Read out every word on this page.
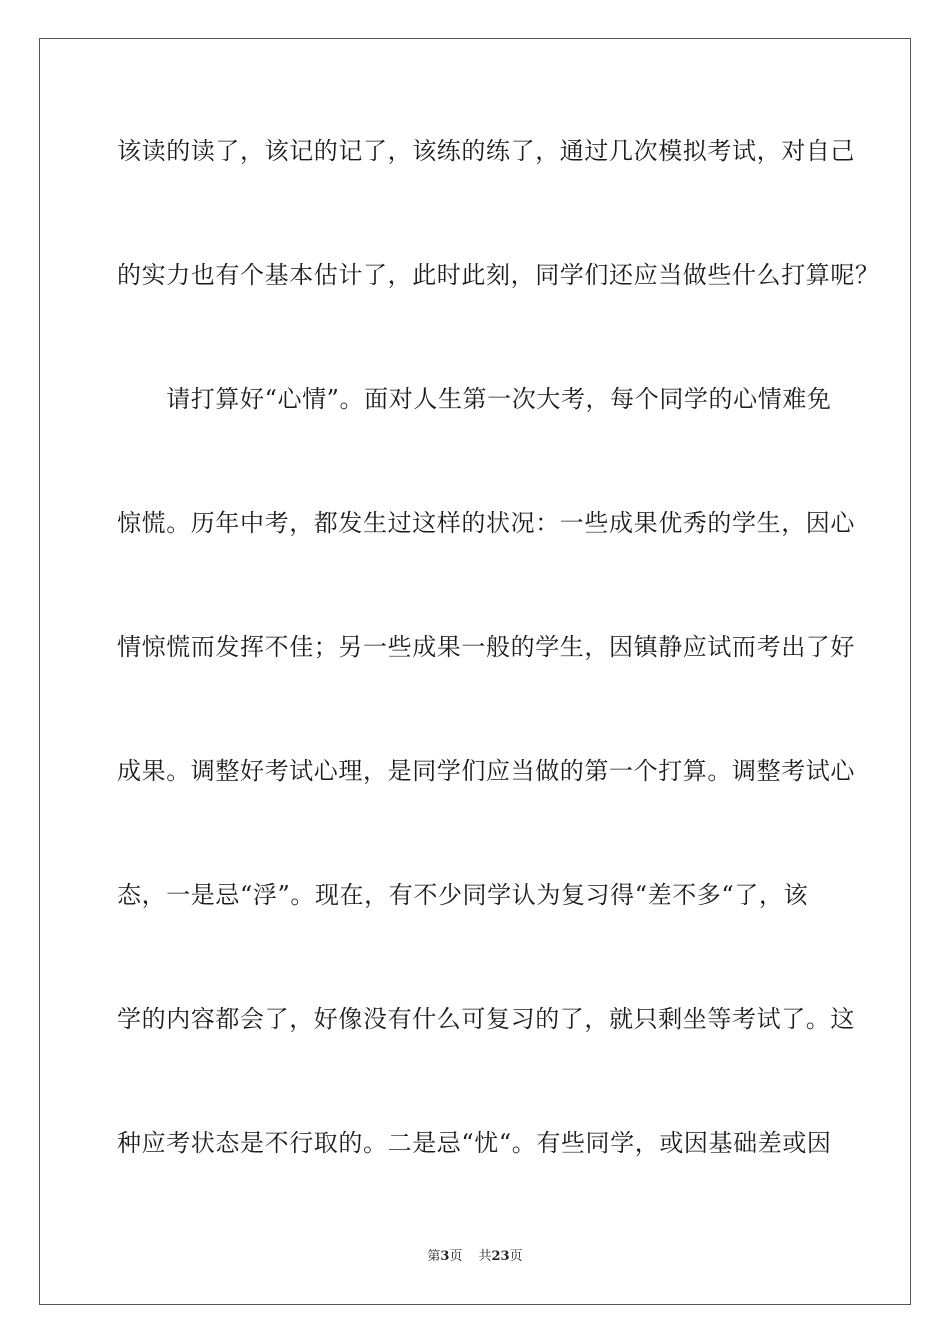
该读的读了，该记的记了，该练的练了，通过几次模拟考试，对自己
的实力也有个基本估计了，此时此刻，同学们还应当做些什么打算呢？
　　请打算好“心情”。面对人生第一次大考，每个同学的心情难免
惊慌。历年中考，都发生过这样的状况：一些成果优秀的学生，因心
情惊慌而发挥不佳；另一些成果一般的学生，因镇静应试而考出了好
成果。调整好考试心理，是同学们应当做的第一个打算。调整考试心
态，一是忌“浮”。现在，有不少同学认为复习得“差不多“了，该
学的内容都会了，好像没有什么可复习的了，就只剩坐等考试了。这
种应考状态是不行取的。二是忌“忧“。有些同学，或因基础差或因
第3页 共23页
